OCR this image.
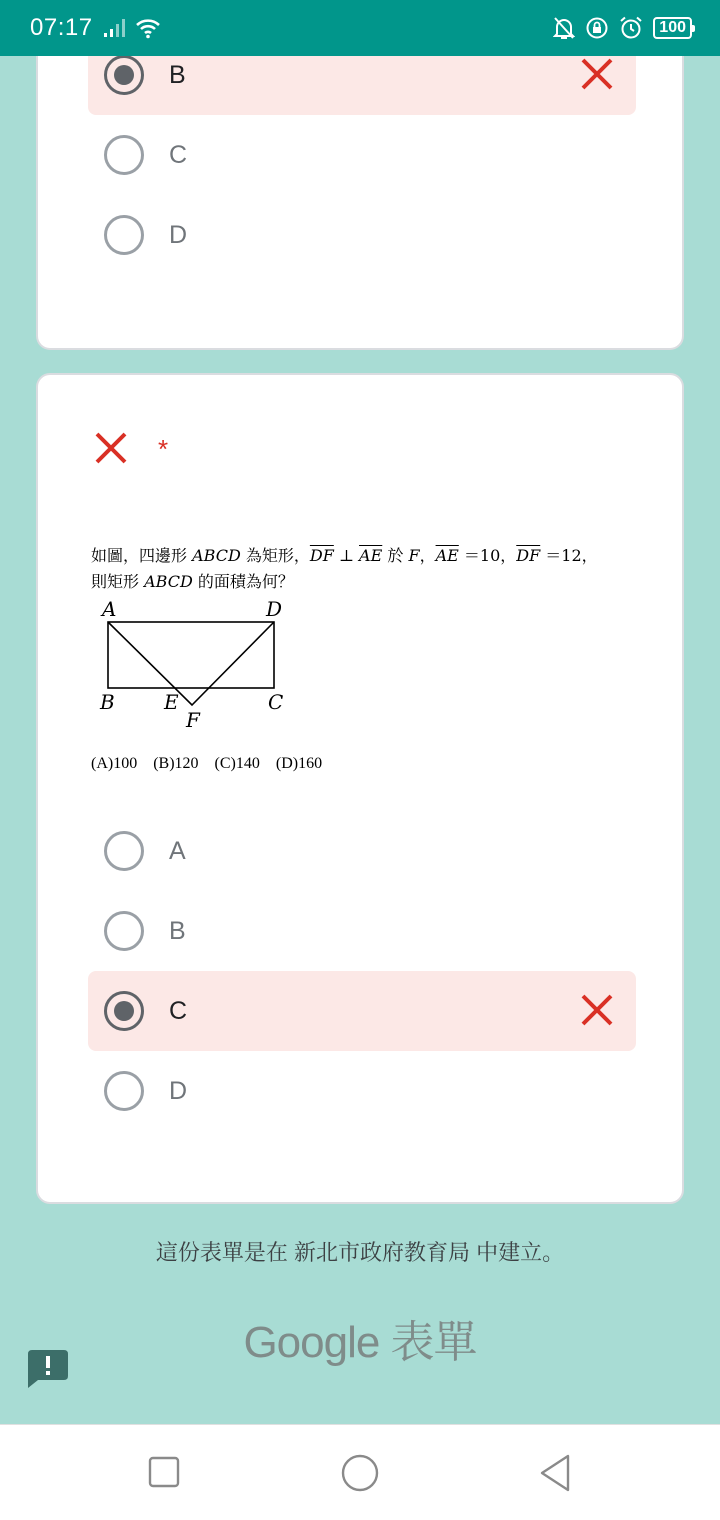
07:17	100
B
C
D
*
如圖，四邊形 ABCD 為矩形，$\overline{DF}$ ⊥ $\overline{AE}$ 於 F，$\overline{AE} =10$，$\overline{DF} =12$，
則矩形 ABCD 的面積為何？
A	D
B E	C
F
(A)100    (B)120    (C)140    (D)160
A
B
C
D
這份表單是在 新北市政府教育局 中建立。
Google 表單
